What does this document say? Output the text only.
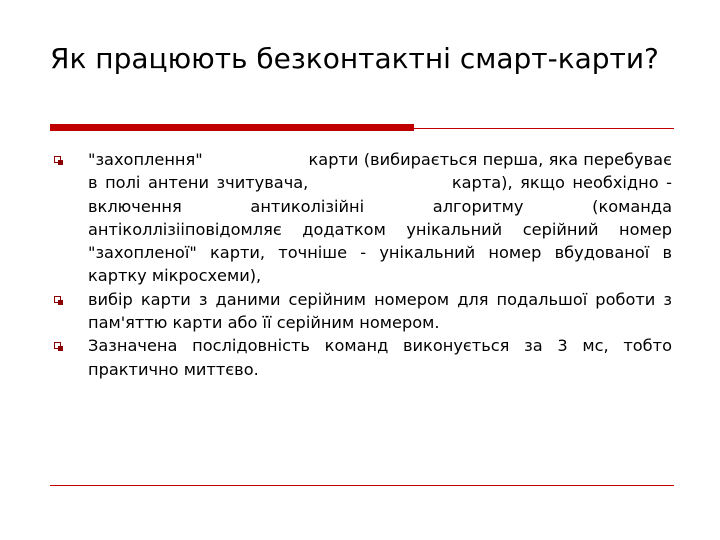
Як працюють безконтактні смарт-карти?
"захоплення"                    карти (вибирається перша, яка перебуває в полі антени зчитувача,                   карта), якщо необхідно - включення антиколізійні алгоритму (команда антіколлізііповідомляє додатком унікальний серійний номер "захопленої" карти, точніше - унікальний номер вбудованої в картку мікросхеми),
вибір карти з даними серійним номером для подальшої роботи з пам'яттю карти або її серійним номером.
Зазначена послідовність команд виконується за 3 мс, тобто практично миттєво.
